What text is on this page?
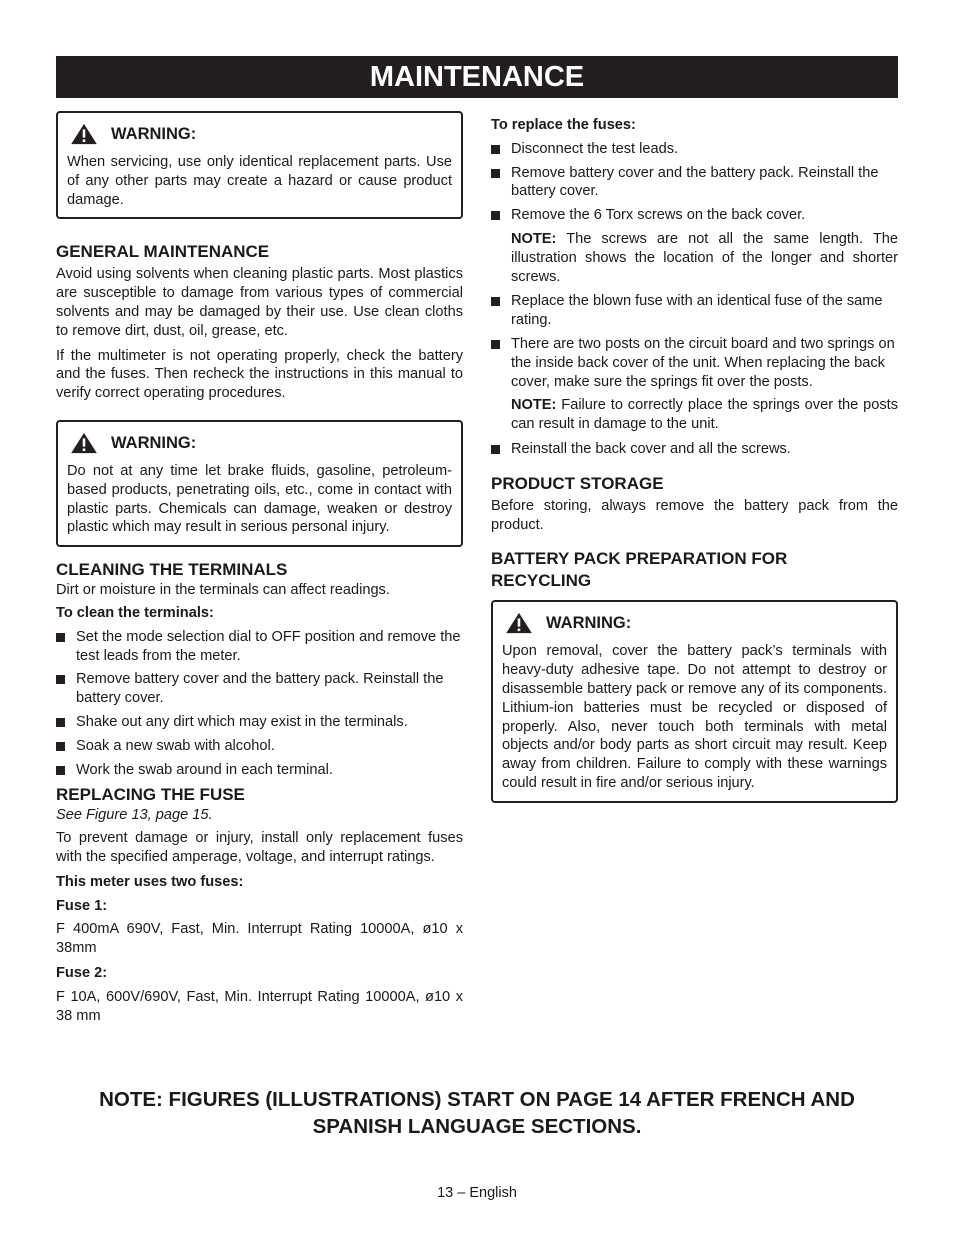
MAINTENANCE
WARNING:

When servicing, use only identical replacement parts. Use of any other parts may create a hazard or cause product damage.

GENERAL MAINTENANCE

Avoid using solvents when cleaning plastic parts. Most plastics are susceptible to damage from various types of commercial solvents and may be damaged by their use. Use clean cloths to remove dirt, dust, oil, grease, etc.

If the multimeter is not operating properly, check the battery and the fuses. Then recheck the instructions in this manual to verify correct operating procedures.

WARNING:

Do not at any time let brake fluids, gasoline, petroleum-based products, penetrating oils, etc., come in contact with plastic parts. Chemicals can damage, weaken or destroy plastic which may result in serious personal injury.

CLEANING THE TERMINALS

Dirt or moisture in the terminals can affect readings.

To clean the terminals:
Set the mode selection dial to OFF position and remove the test leads from the meter.
Remove battery cover and the battery pack. Reinstall the battery cover.
Shake out any dirt which may exist in the terminals.
Soak a new swab with alcohol.
Work the swab around in each terminal.
REPLACING THE FUSE
See Figure 13, page 15.

To prevent damage or injury, install only replacement fuses with the specified amperage, voltage, and interrupt ratings.

This meter uses two fuses:
Fuse 1:

F 400mA 690V, Fast, Min. Interrupt Rating 10000A, ø10 x 38mm

Fuse 2:

F 10A, 600V/690V, Fast, Min. Interrupt Rating 10000A, ø10 x 38 mm

To replace the fuses:
Disconnect the test leads.
Remove battery cover and the battery pack. Reinstall the battery cover.
Remove the 6 Torx screws on the back cover.
NOTE: The screws are not all the same length. The illustration shows the location of the longer and shorter screws.
Replace the blown fuse with an identical fuse of the same rating.
There are two posts on the circuit board and two springs on the inside back cover of the unit. When replacing the back cover, make sure the springs fit over the posts.
NOTE: Failure to correctly place the springs over the posts can result in damage to the unit.
Reinstall the back cover and all the screws.
PRODUCT STORAGE

Before storing, always remove the battery pack from the product.

BATTERY PACK PREPARATION FOR RECYCLING
WARNING:

Upon removal, cover the battery pack’s terminals with heavy-duty adhesive tape. Do not attempt to destroy or disassemble battery pack or remove any of its components. Lithium-ion batteries must be recycled or disposed of properly. Also, never touch both terminals with metal objects and/or body parts as short circuit may result. Keep away from children. Failure to comply with these warnings could result in fire and/or serious injury.

NOTE: FIGURES (ILLUSTRATIONS) START ON PAGE 14 AFTER FRENCH AND SPANISH LANGUAGE SECTIONS.
13 – English
